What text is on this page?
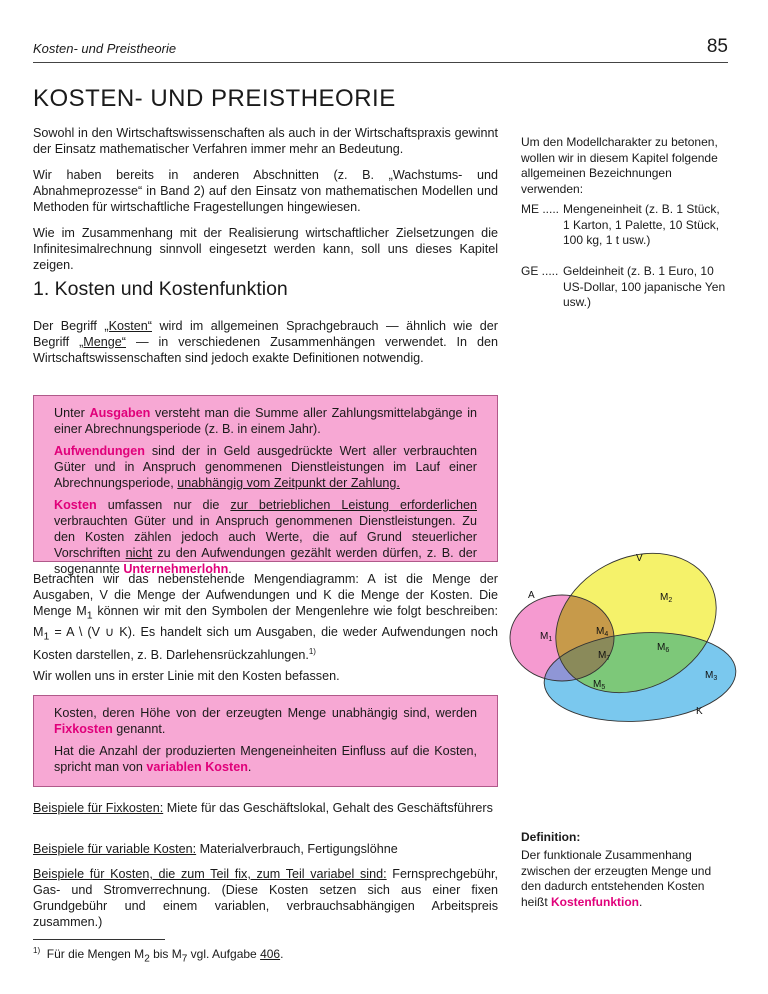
Kosten- und Preistheorie	85
KOSTEN- UND PREISTHEORIE

Sowohl in den Wirtschaftswissenschaften als auch in der Wirtschaftspraxis gewinnt der Einsatz mathematischer Verfahren immer mehr an Bedeutung.

Wir haben bereits in anderen Abschnitten (z. B. „Wachstums- und Abnahmeprozesse“ in Band 2) auf den Einsatz von mathematischen Modellen und Methoden für wirtschaftliche Fragestellungen hingewiesen.

Wie im Zusammenhang mit der Realisierung wirtschaftlicher Zielsetzungen die Infinitesimalrechnung sinnvoll eingesetzt werden kann, soll uns dieses Kapitel zeigen.

Um den Modellcharakter zu betonen, wollen wir in diesem Kapitel folgende allgemeinen Bezeichnungen verwenden:
ME ..... Mengeneinheit (z. B. 1 Stück, 1 Karton, 1 Palette, 10 Stück, 100 kg, 1 t usw.)
GE ..... Geldeinheit (z. B. 1 Euro, 10 US-Dollar, 100 japanische Yen usw.)
1. Kosten und Kostenfunktion

Der Begriff „Kosten“ wird im allgemeinen Sprachgebrauch — ähnlich wie der Begriff „Menge“ — in verschiedenen Zusammenhängen verwendet. In den Wirtschaftswissenschaften sind jedoch exakte Definitionen notwendig.

Unter Ausgaben versteht man die Summe aller Zahlungsmittelabgänge in einer Abrechnungsperiode (z. B. in einem Jahr).

Aufwendungen sind der in Geld ausgedrückte Wert aller verbrauchten Güter und in Anspruch genommenen Dienstleistungen im Lauf einer Abrechnungsperiode, unabhängig vom Zeitpunkt der Zahlung.

Kosten umfassen nur die zur betrieblichen Leistung erforderlichen verbrauchten Güter und in Anspruch genommenen Dienstleistungen. Zu den Kosten zählen jedoch auch Werte, die auf Grund steuerlicher Vorschriften nicht zu den Aufwendungen gezählt werden dürfen, z. B. der sogenannte Unternehmerlohn.

Betrachten wir das nebenstehende Mengendiagramm: A ist die Menge der Ausgaben, V die Menge der Aufwendungen und K die Menge der Kosten. Die Menge $M_1$ können wir mit den Symbolen der Mengenlehre wie folgt beschreiben: $M_1 = A$ \ (V ∪ K). Es handelt sich um Ausgaben, die weder Aufwendungen noch Kosten darstellen, z. B. Darlehensrückzahlungen.$^{1)}$

Wir wollen uns in erster Linie mit den Kosten befassen.

Kosten, deren Höhe von der erzeugten Menge unabhängig sind, werden Fixkosten genannt.

Hat die Anzahl der produzierten Mengeneinheiten Einfluss auf die Kosten, spricht man von variablen Kosten.

Beispiele für Fixkosten: Miete für das Geschäftslokal, Gehalt des Geschäftsführers

Beispiele für variable Kosten: Materialverbrauch, Fertigungslöhne

Beispiele für Kosten, die zum Teil fix, zum Teil variabel sind: Fernsprechgebühr, Gas- und Stromverrechnung. (Diese Kosten setzen sich aus einer fixen Grundgebühr und einem variablen, verbrauchsabhängigen Arbeitspreis zusammen.)

Definition:
Der funktionale Zusammenhang zwischen der erzeugten Menge und den dadurch entstehenden Kosten heißt Kostenfunktion.
$^{1)}$ Für die Mengen $M_2$ bis $M_7$ vgl. Aufgabe 406.
V
A
K
$M_1$
$M_2$
$M_3$
$M_4$
$M_5$
$M_6$
$M_7$
